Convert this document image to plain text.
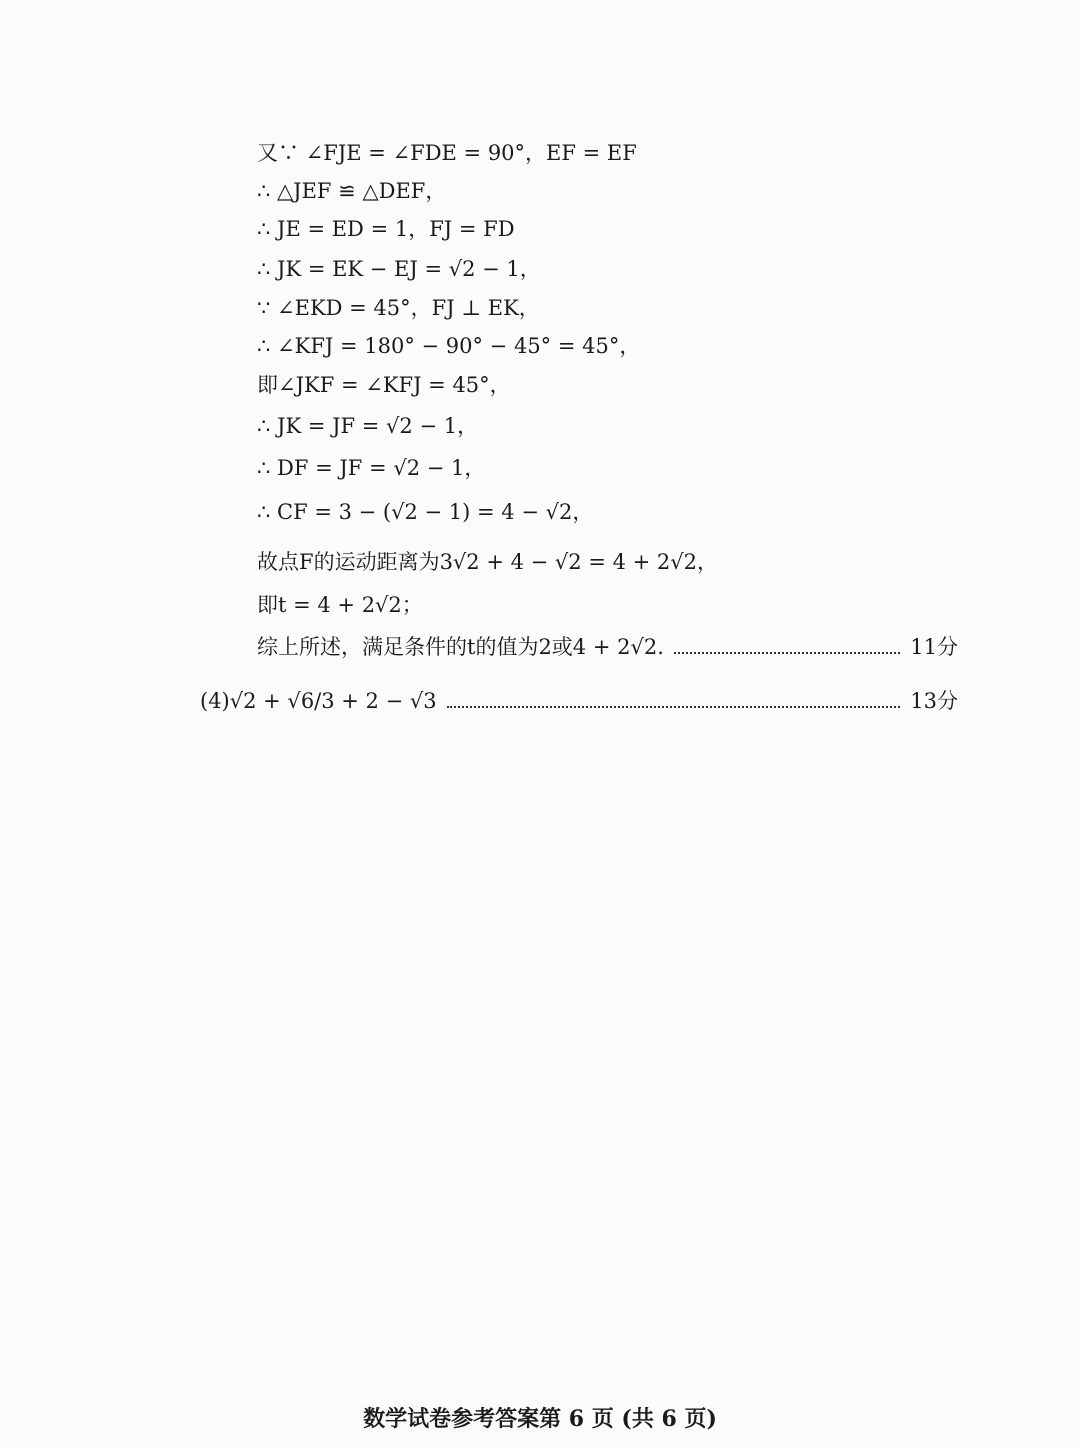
又∵ ∠FJE = ∠FDE = 90°，EF = EF
∴ △JEF ≌ △DEF，
∴ JE = ED = 1，FJ = FD
∴ JK = EK − EJ = √2 − 1，
∵ ∠EKD = 45°，FJ ⊥ EK，
∴ ∠KFJ = 180° − 90° − 45° = 45°，
即∠JKF = ∠KFJ = 45°，
∴ JK = JF = √2 − 1，
∴ DF = JF = √2 − 1，
∴ CF = 3 − (√2 − 1) = 4 − √2，
故点F的运动距离为3√2 + 4 − √2 = 4 + 2√2，
即t = 4 + 2√2；
综上所述，满足条件的t的值为2或4 + 2√2.	11分
(4)√2 + √6/3 + 2 − √3	13分
数学试卷参考答案第 6 页 (共 6 页)
